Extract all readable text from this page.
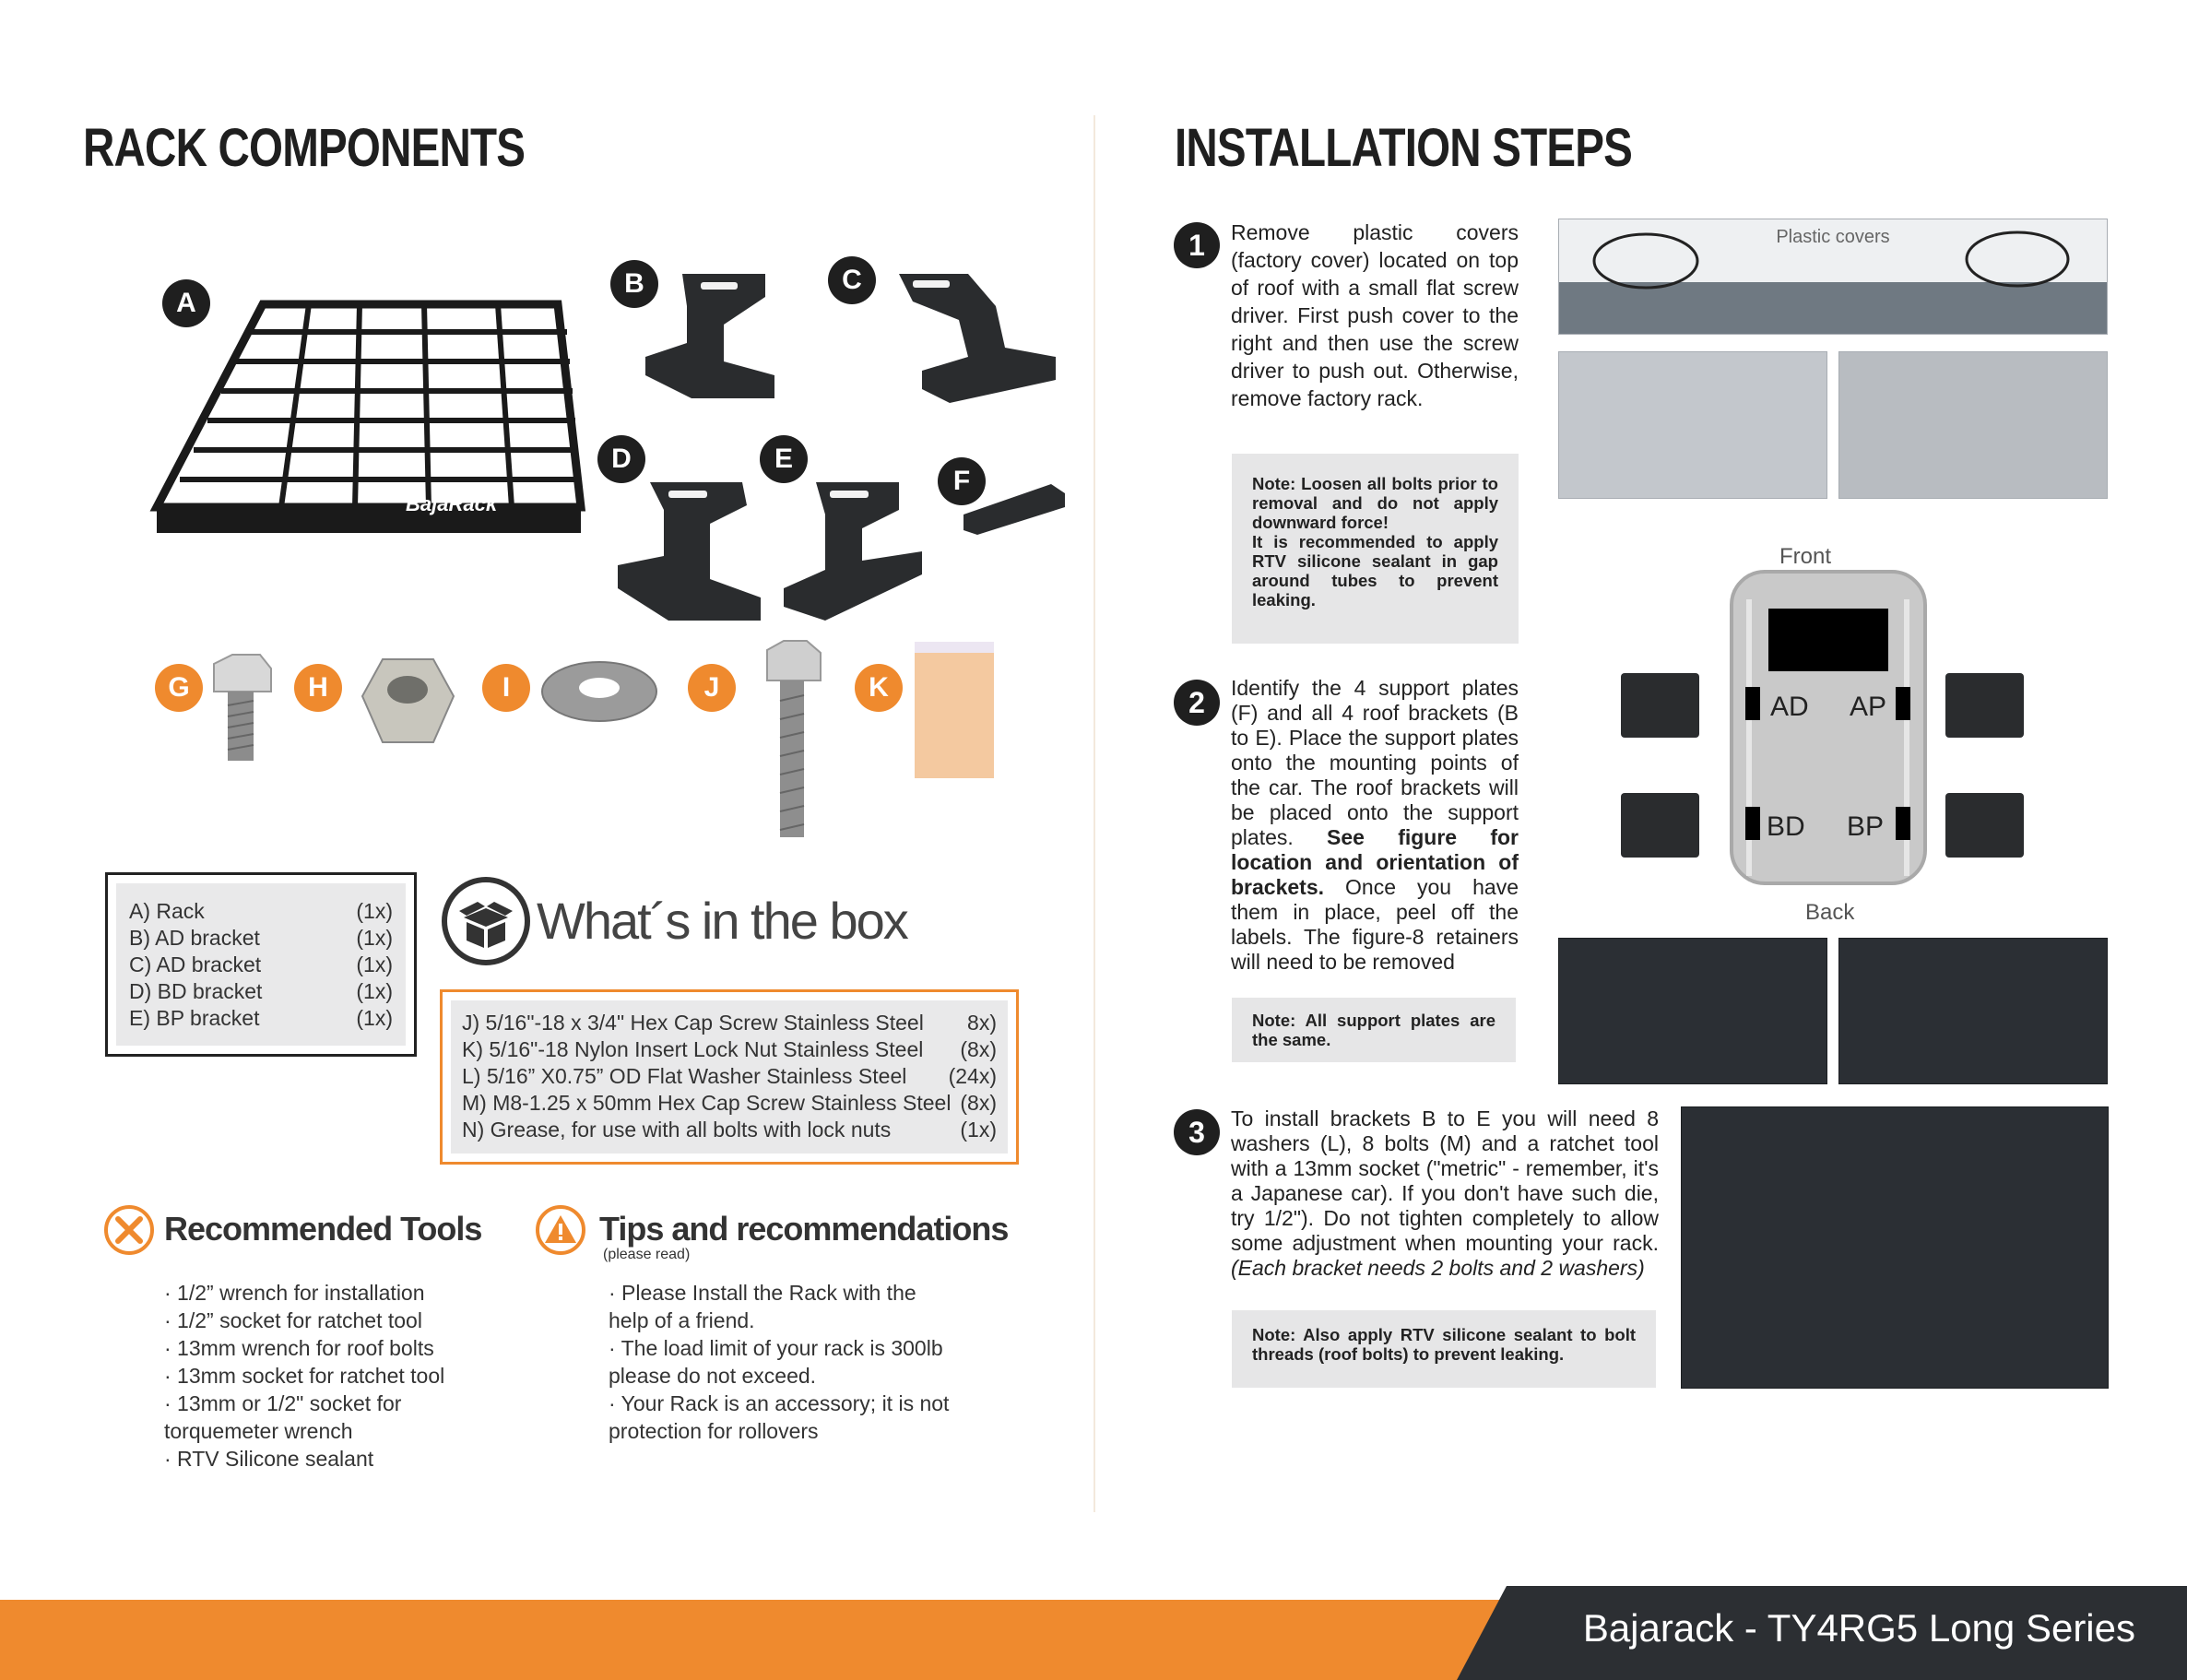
RACK COMPONENTS
A
BajaRack
B	C
D	E
F
G	H	I	J	K
A) Rack	(1x)
B) AD bracket	(1x)
C) AD bracket	(1x)
D) BD bracket	(1x)
E) BP bracket	(1x)
What´s in the box
J) 5/16"-18 x 3/4" Hex Cap Screw Stainless Steel 8x)
K) 5/16"-18 Nylon Insert Lock Nut Stainless Steel (8x)
L) 5/16” X0.75” OD Flat Washer Stainless Steel (24x)
M) M8-1.25 x 50mm Hex Cap Screw Stainless Steel (8x)
N) Grease, for use with all bolts with lock nuts	(1x)
Recommended Tools
· 1/2” wrench for installation
· 1/2” socket for ratchet tool
· 13mm wrench for roof bolts
· 13mm socket for ratchet tool
· 13mm or 1/2" socket for
torquemeter wrench
· RTV Silicone sealant
Tips and recommendations
(please read)
· Please Install the Rack with the
help of a friend.
· The load limit of your rack is 300lb
please do not exceed.
· Your Rack is an accessory; it is not
protection for rollovers
INSTALLATION STEPS
1	Remove plastic covers (factory cover) located on top of roof with a small flat screw driver. First push cover to the right and then use the screw driver to push out. Otherwise, remove factory rack.

Note: Loosen all bolts prior to removal and do not apply downward force!

It is recommended to apply RTV silicone sealant in gap around tubes to prevent leaking.

Plastic covers
Front
AD AP
BD BP
Back
2	Identify the 4 support plates (F) and all 4 roof brackets (B to E). Place the support plates onto the mounting points of the car. The roof brackets will be placed onto the support plates. See figure for location and orientation of brackets. Once you have them in place, peel off the labels. The figure-8 retainers will need to be removed

Note: All support plates are the same.
3	To install brackets B to E you will need 8 washers (L), 8 bolts (M) and a ratchet tool with a 13mm socket ("metric" - remember, it's a Japanese car). If you don't have such die, try 1/2"). Do not tighten completely to allow some adjustment when mounting your rack. (Each bracket needs 2 bolts and 2 washers)

Note: Also apply RTV silicone sealant to bolt threads (roof bolts) to prevent leaking.

Bajarack - TY4RG5 Long Series
